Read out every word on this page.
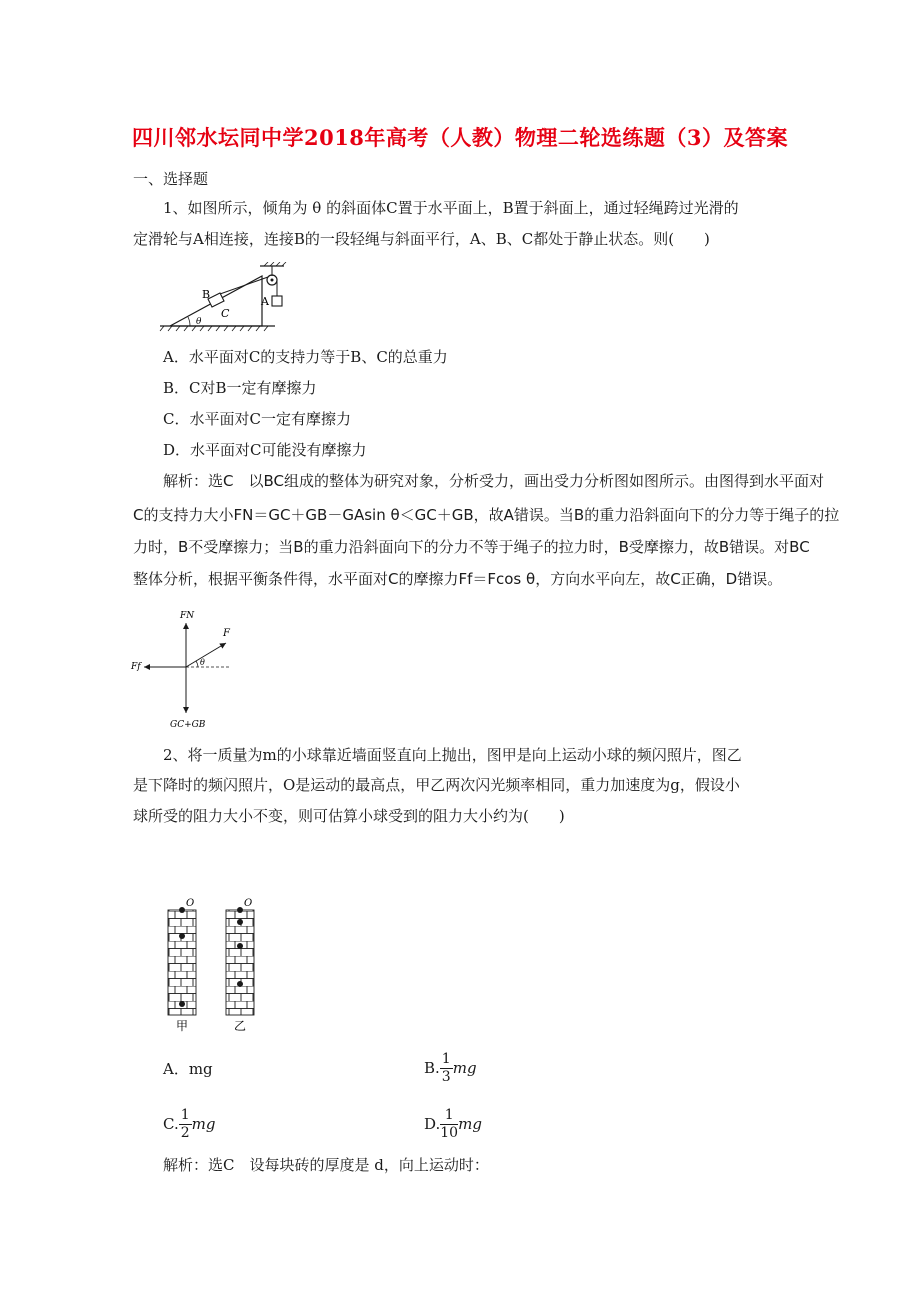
四川邻水坛同中学2018年高考（人教）物理二轮选练题（3）及答案
一、选择题
1、如图所示，倾角为 θ 的斜面体C置于水平面上，B置于斜面上，通过轻绳跨过光滑的
定滑轮与A相连接，连接B的一段轻绳与斜面平行，A、B、C都处于静止状态。则(　　)
θ
B
C
A
A．水平面对C的支持力等于B、C的总重力
B．C对B一定有摩擦力
C．水平面对C一定有摩擦力
D．水平面对C可能没有摩擦力
解析：选C　以BC组成的整体为研究对象，分析受力，画出受力分析图如图所示。由图得到水平面对
C的支持力大小FN＝GC＋GB－GAsin θ＜GC＋GB，故A错误。当B的重力沿斜面向下的分力等于绳子的拉
力时，B不受摩擦力；当B的重力沿斜面向下的分力不等于绳子的拉力时，B受摩擦力，故B错误。对BC
整体分析，根据平衡条件得，水平面对C的摩擦力Ff＝Fcos θ，方向水平向左，故C正确，D错误。
FN
F
Ff	θ
GC+GB
2、将一质量为m的小球靠近墙面竖直向上抛出，图甲是向上运动小球的频闪照片，图乙
是下降时的频闪照片，O是运动的最高点，甲乙两次闪光频率相同，重力加速度为g，假设小
球所受的阻力大小不变，则可估算小球受到的阻力大小约为(　　)
O	O
甲	乙
A．mg	B. $\frac{1}{3}$ mg
C. $\frac{1}{2}$ mg	D. $\frac{1}{10}$ mg
解析：选C　设每块砖的厚度是 d，向上运动时：
